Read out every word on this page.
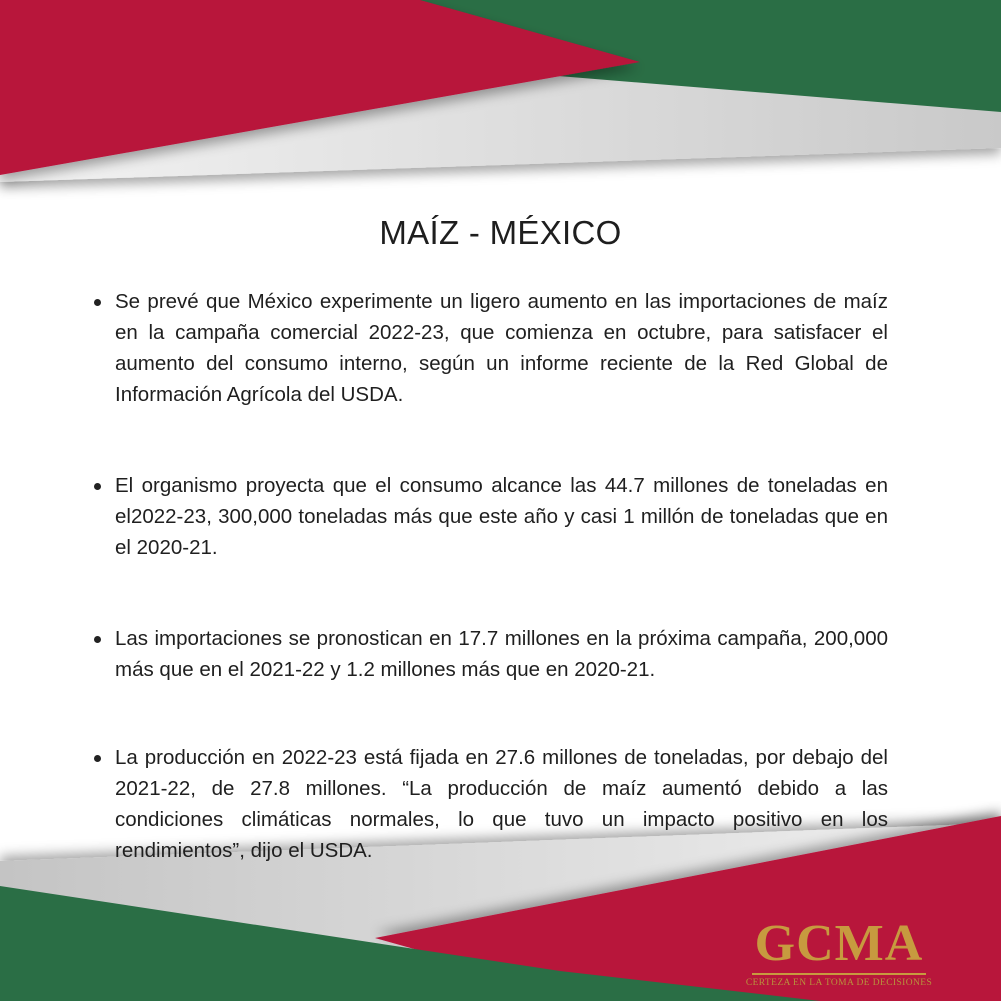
MAÍZ - MÉXICO
Se prevé que México experimente un ligero aumento en las importaciones de maíz en la campaña comercial 2022-23, que comienza en octubre, para satisfacer el aumento del consumo interno, según un informe reciente de la Red Global de Información Agrícola del USDA.
El organismo proyecta que el consumo alcance las 44.7 millones de toneladas en el2022-23, 300,000 toneladas más que este año y casi 1 millón de toneladas que en el 2020-21.
Las importaciones se pronostican en 17.7 millones en la próxima campaña, 200,000 más que en el 2021-22 y 1.2 millones más que en 2020-21.
La producción en 2022-23 está fijada en 27.6 millones de toneladas, por debajo del 2021-22, de 27.8 millones. “La producción de maíz aumentó debido a las condiciones climáticas normales, lo que tuvo un impacto positivo en los rendimientos”, dijo el USDA.
GCMA
CERTEZA EN LA TOMA DE DECISIONES
